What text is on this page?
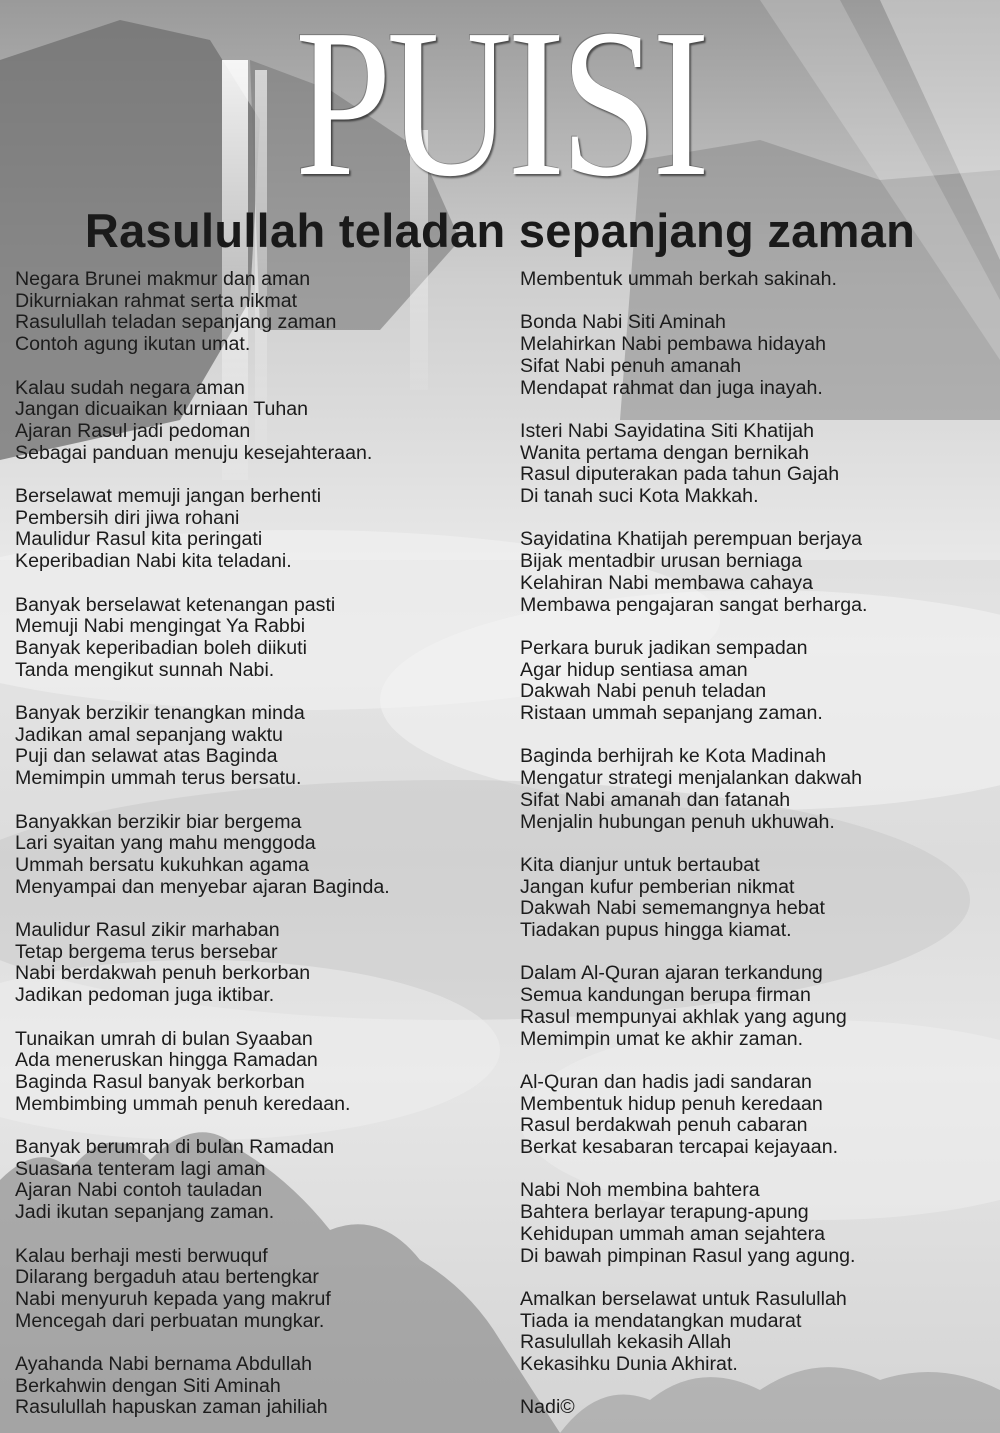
PUISI
Rasulullah teladan sepanjang zaman

Negara Brunei makmur dan aman
Dikurniakan rahmat serta nikmat
Rasulullah teladan sepanjang zaman
Contoh agung ikutan umat.

Kalau sudah negara aman
Jangan dicuaikan kurniaan Tuhan
Ajaran Rasul jadi pedoman
Sebagai panduan menuju kesejahteraan.

Berselawat memuji jangan berhenti
Pembersih diri jiwa rohani
Maulidur Rasul kita peringati
Keperibadian Nabi kita teladani.

Banyak berselawat ketenangan pasti
Memuji Nabi mengingat Ya Rabbi
Banyak keperibadian boleh diikuti
Tanda mengikut sunnah Nabi.

Banyak berzikir tenangkan minda
Jadikan amal sepanjang waktu
Puji dan selawat atas Baginda
Memimpin ummah terus bersatu.

Banyakkan berzikir biar bergema
Lari syaitan yang mahu menggoda
Ummah bersatu kukuhkan agama
Menyampai dan menyebar ajaran Baginda.

Maulidur Rasul zikir marhaban
Tetap bergema terus bersebar
Nabi berdakwah penuh berkorban
Jadikan pedoman juga iktibar.

Tunaikan umrah di bulan Syaaban
Ada meneruskan hingga Ramadan
Baginda Rasul banyak berkorban
Membimbing ummah penuh keredaan.

Banyak berumrah di bulan Ramadan
Suasana tenteram lagi aman
Ajaran Nabi contoh tauladan
Jadi ikutan sepanjang zaman.

Kalau berhaji mesti berwuquf
Dilarang bergaduh atau bertengkar
Nabi menyuruh kepada yang makruf
Mencegah dari perbuatan mungkar.

Ayahanda Nabi bernama Abdullah
Berkahwin dengan Siti Aminah
Rasulullah hapuskan zaman jahiliah

Membentuk ummah berkah sakinah.

Bonda Nabi Siti Aminah
Melahirkan Nabi pembawa hidayah
Sifat Nabi penuh amanah
Mendapat rahmat dan juga inayah.

Isteri Nabi Sayidatina Siti Khatijah
Wanita pertama dengan bernikah
Rasul diputerakan pada tahun Gajah
Di tanah suci Kota Makkah.

Sayidatina Khatijah perempuan berjaya
Bijak mentadbir urusan berniaga
Kelahiran Nabi membawa cahaya
Membawa pengajaran sangat berharga.

Perkara buruk jadikan sempadan
Agar hidup sentiasa aman
Dakwah Nabi penuh teladan
Ristaan ummah sepanjang zaman.

Baginda berhijrah ke Kota Madinah
Mengatur strategi menjalankan dakwah
Sifat Nabi amanah dan fatanah
Menjalin hubungan penuh ukhuwah.

Kita dianjur untuk bertaubat
Jangan kufur pemberian nikmat
Dakwah Nabi sememangnya hebat
Tiadakan pupus hingga kiamat.

Dalam Al-Quran ajaran terkandung
Semua kandungan berupa firman
Rasul mempunyai akhlak yang agung
Memimpin umat ke akhir zaman.

Al-Quran dan hadis jadi sandaran
Membentuk hidup penuh keredaan
Rasul berdakwah penuh cabaran
Berkat kesabaran tercapai kejayaan.

Nabi Noh membina bahtera
Bahtera berlayar terapung-apung
Kehidupan ummah aman sejahtera
Di bawah pimpinan Rasul yang agung.

Amalkan berselawat untuk Rasulullah
Tiada ia mendatangkan mudarat
Rasulullah kekasih Allah
Kekasihku Dunia Akhirat.

Nadi©
